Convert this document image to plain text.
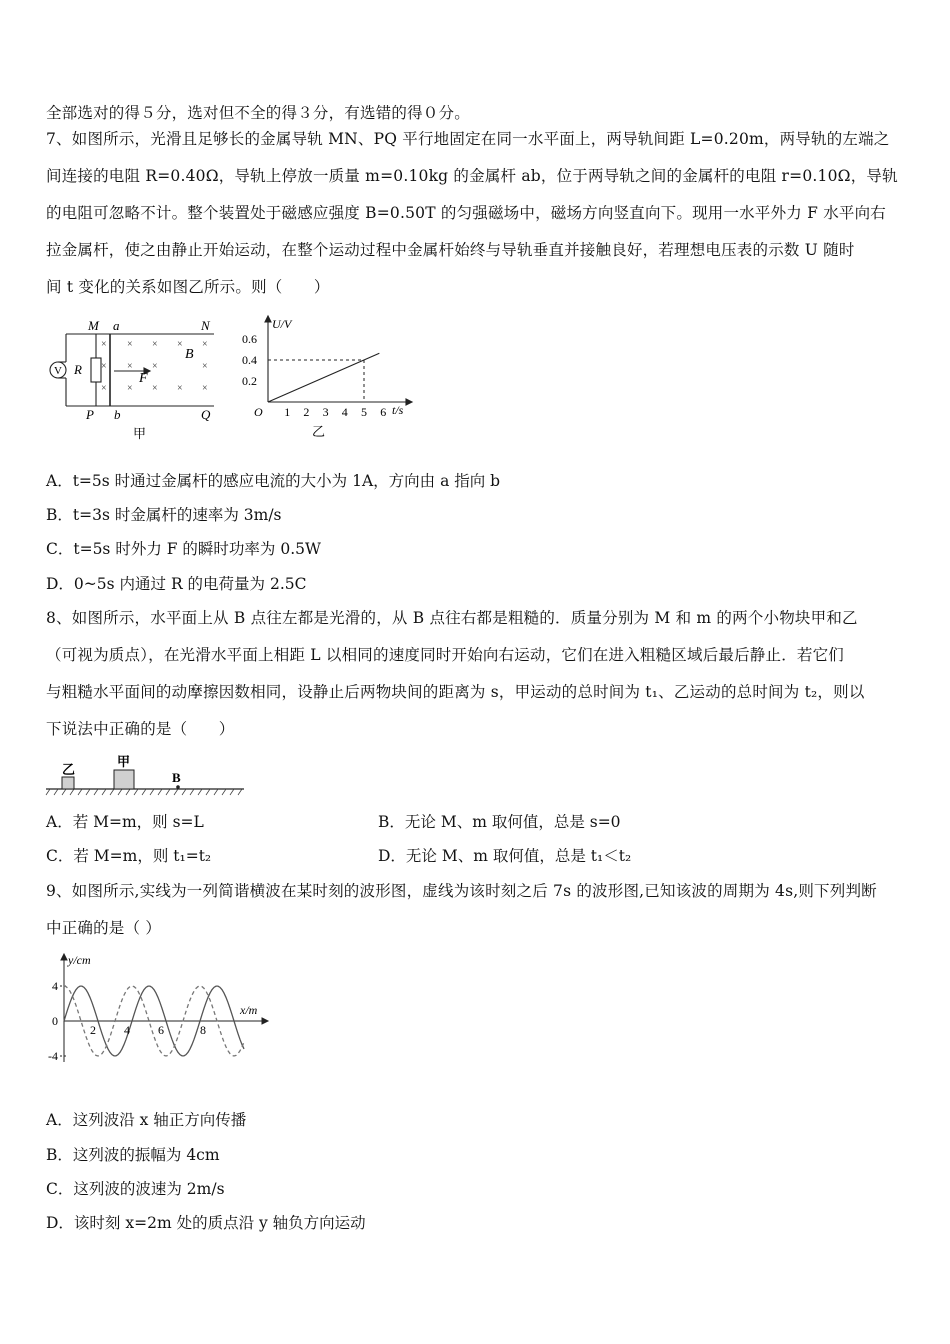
全部选对的得５分，选对但不全的得３分，有选错的得０分。
7、如图所示，光滑且足够长的金属导轨 MN、PQ 平行地固定在同一水平面上，两导轨间距 L=0.20m，两导轨的左端之
间连接的电阻 R=0.40Ω，导轨上停放一质量 m=0.10kg 的金属杆 ab，位于两导轨之间的金属杆的电阻 r=0.10Ω，导轨
的电阻可忽略不计。整个装置处于磁感应强度 B=0.50T 的匀强磁场中，磁场方向竖直向下。现用一水平外力 F 水平向右
拉金属杆，使之由静止开始运动，在整个运动过程中金属杆始终与导轨垂直并接触良好，若理想电压表的示数 U 随时
间 t 变化的关系如图乙所示。则（　　）
V R
M a	N
P b	Q
B
F
× × × × ×
× × ×	×
× × × × ×
甲
U/V
0.6
0.4
0.2
O 1 2 3 4 5 6 t/s
乙
A．t=5s 时通过金属杆的感应电流的大小为 1A，方向由 a 指向 b
B．t=3s 时金属杆的速率为 3m/s
C．t=5s 时外力 F 的瞬时功率为 0.5W
D．0~5s 内通过 R 的电荷量为 2.5C
8、如图所示，水平面上从 B 点往左都是光滑的，从 B 点往右都是粗糙的．质量分别为 M 和 m 的两个小物块甲和乙
（可视为质点），在光滑水平面上相距 L 以相同的速度同时开始向右运动，它们在进入粗糙区域后最后静止．若它们
与粗糙水平面间的动摩擦因数相同，设静止后两物块间的距离为 s，甲运动的总时间为 t₁、乙运动的总时间为 t₂，则以
下说法中正确的是（　　）
乙
甲
B
A．若 M=m，则 s=L	B．无论 M、m 取何值，总是 s=0
C．若 M=m，则 t₁=t₂	D．无论 M、m 取何值，总是 t₁＜t₂
9、如图所示,实线为一列简谐横波在某时刻的波形图，虚线为该时刻之后 7s 的波形图,已知该波的周期为 4s,则下列判断
中正确的是（ ）
y/cm
x/m
4
0
-4
2 4 6	8
A．这列波沿 x 轴正方向传播
B．这列波的振幅为 4cm
C．这列波的波速为 2m/s
D．该时刻 x=2m 处的质点沿 y 轴负方向运动
